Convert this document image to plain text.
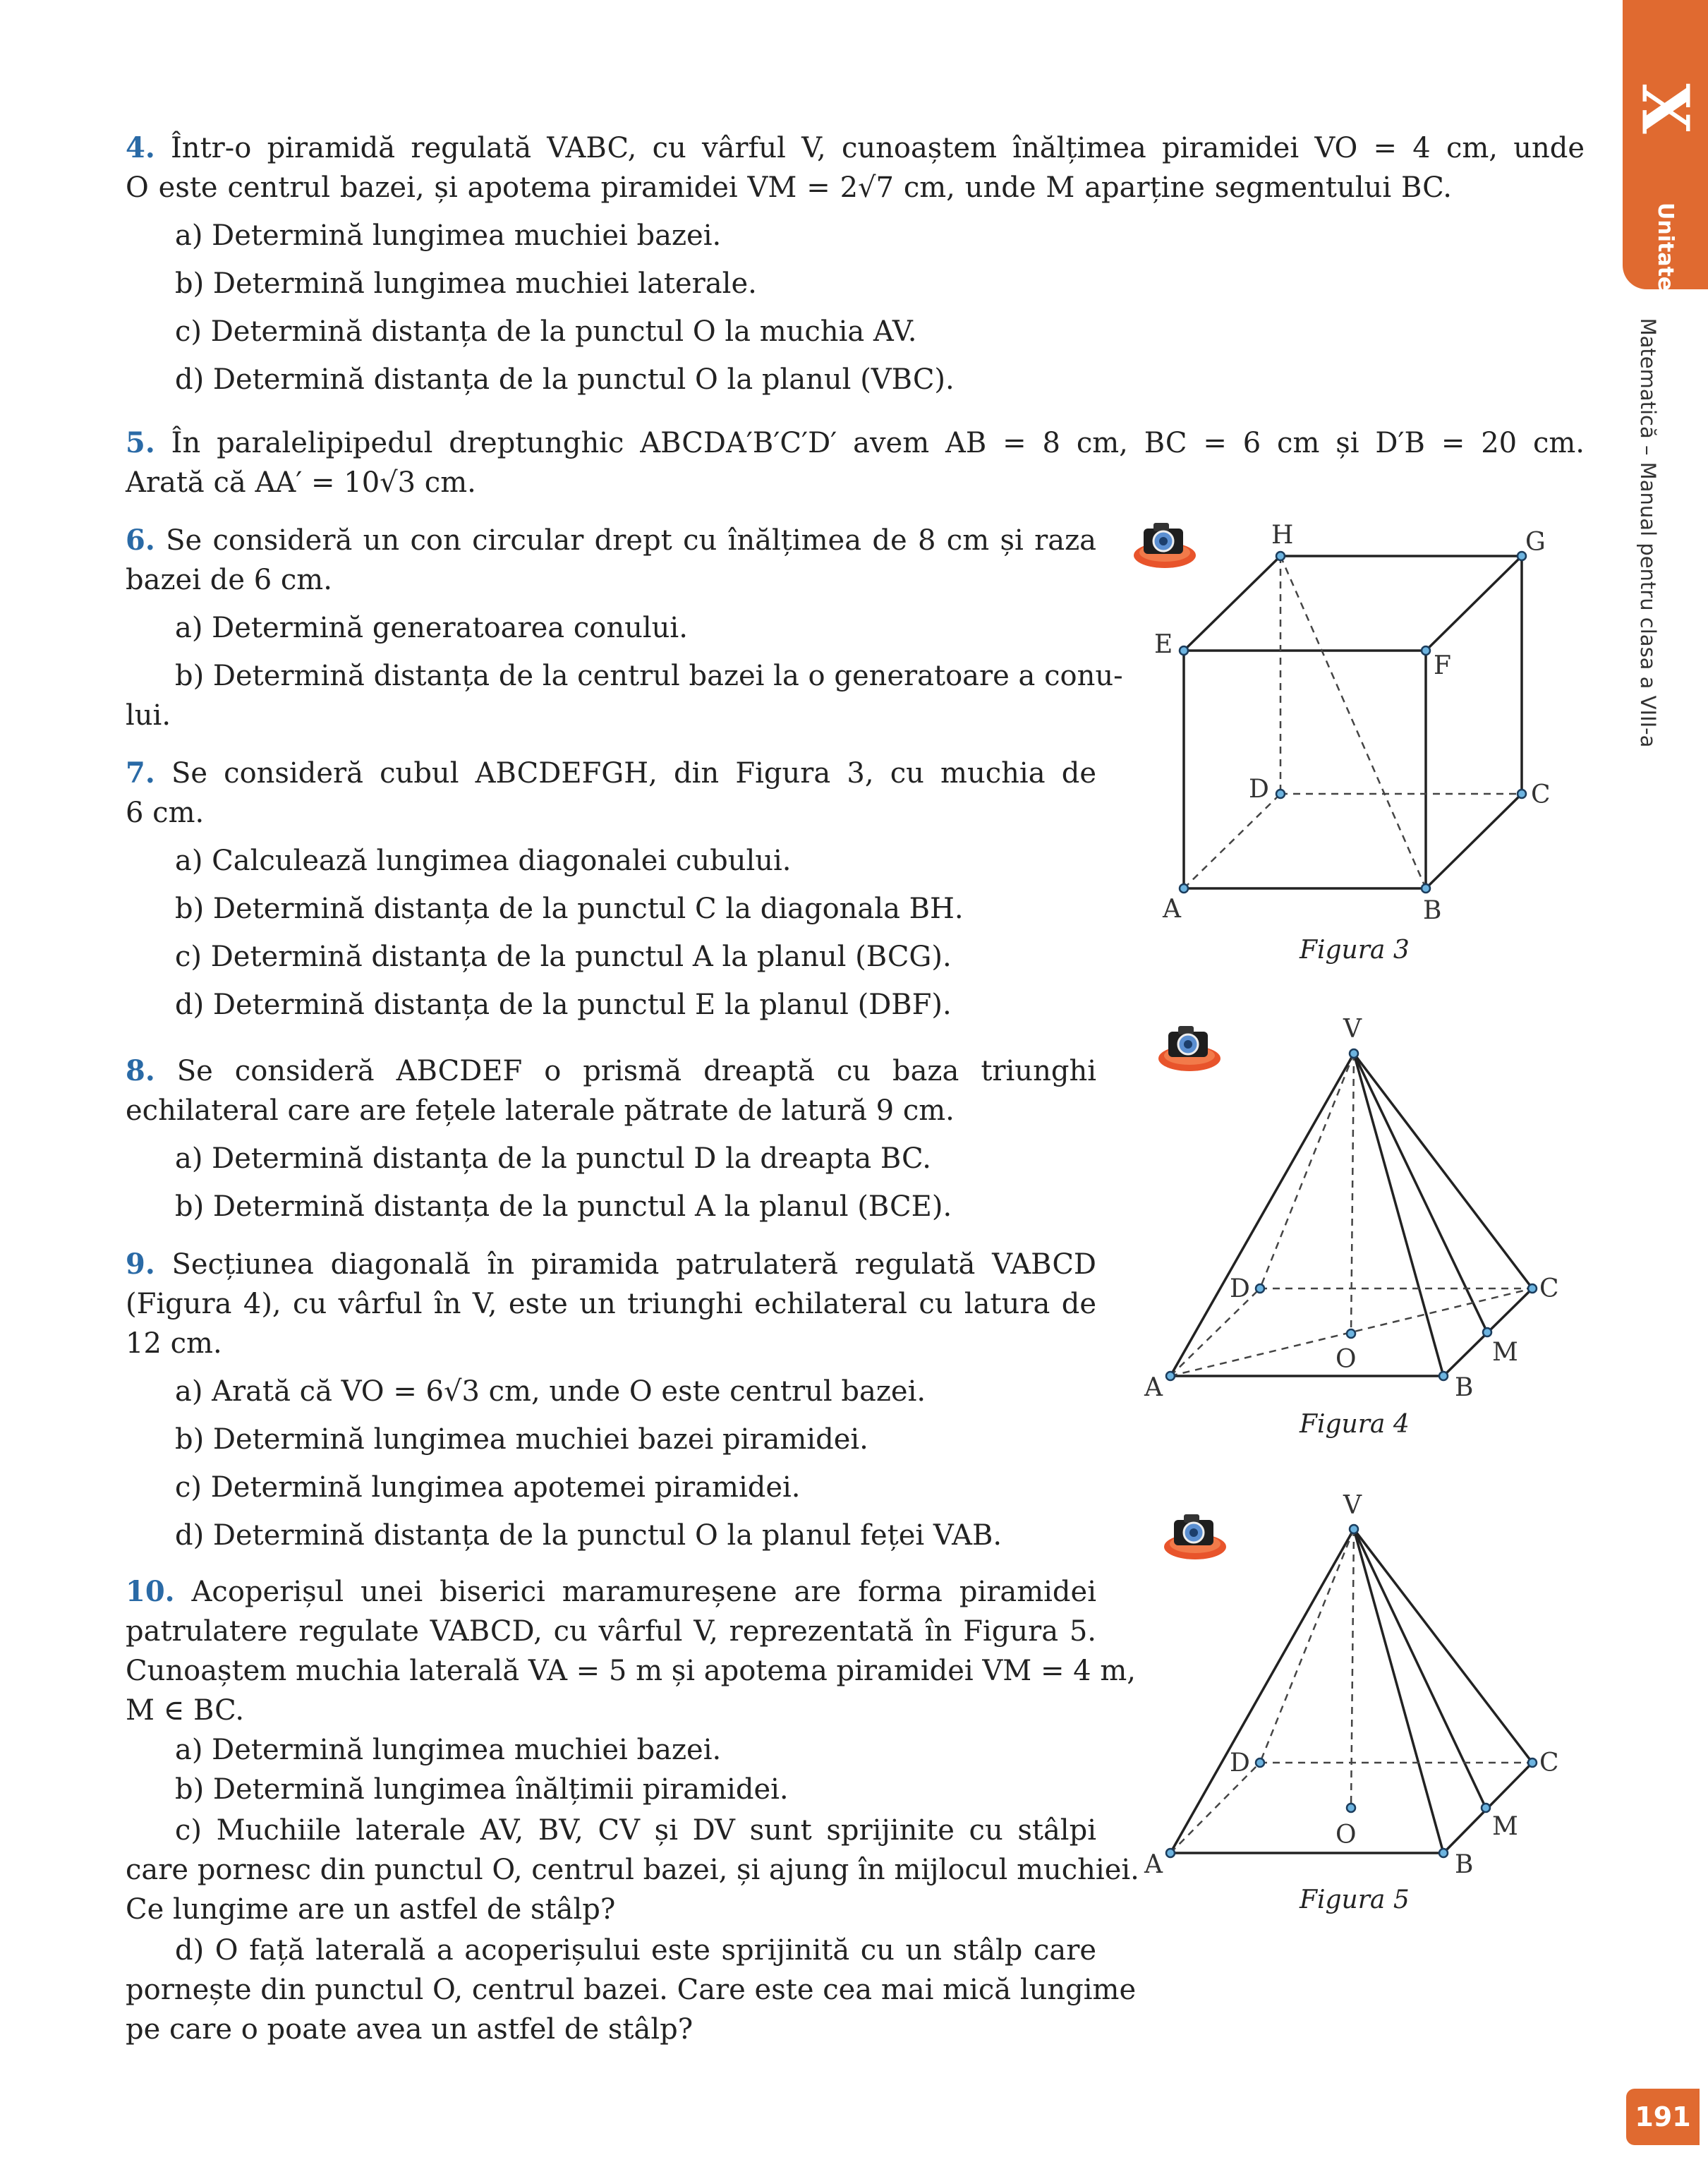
X
Unitatea
Matematică – Manual pentru clasa a VIII-a
191
4. Într-o piramidă regulată VABC, cu vârful V, cunoaștem înălțimea piramidei VO = 4 cm, unde
O este centrul bazei, și apotema piramidei VM = 2√7 cm, unde M aparține segmentului BC.
a) Determină lungimea muchiei bazei.
b) Determină lungimea muchiei laterale.
c) Determină distanța de la punctul O la muchia AV.
d) Determină distanța de la punctul O la planul (VBC).
5. În paralelipipedul dreptunghic ABCDA′B′C′D′ avem AB = 8 cm, BC = 6 cm și D′B = 20 cm.
Arată că AA′ = 10√3 cm.
6. Se consideră un con circular drept cu înălțimea de 8 cm și raza
bazei de 6 cm.
a) Determină generatoarea conului.
b) Determină distanța de la centrul bazei la o generatoare a conu-
lui.
7. Se consideră cubul ABCDEFGH, din Figura 3, cu muchia de
6 cm.
a) Calculează lungimea diagonalei cubului.
b) Determină distanța de la punctul C la diagonala BH.
c) Determină distanța de la punctul A la planul (BCG).
d) Determină distanța de la punctul E la planul (DBF).
8. Se consideră ABCDEF o prismă dreaptă cu baza triunghi
echilateral care are fețele laterale pătrate de latură 9 cm.
a) Determină distanța de la punctul D la dreapta BC.
b) Determină distanța de la punctul A la planul (BCE).
9. Secțiunea diagonală în piramida patrulateră regulată VABCD
(Figura 4), cu vârful în V, este un triunghi echilateral cu latura de
12 cm.
a) Arată că VO = 6√3 cm, unde O este centrul bazei.
b) Determină lungimea muchiei bazei piramidei.
c) Determină lungimea apotemei piramidei.
d) Determină distanța de la punctul O la planul feței VAB.
10. Acoperișul unei biserici maramureșene are forma piramidei
patrulatere regulate VABCD, cu vârful V, reprezentată în Figura 5.
Cunoaștem muchia laterală VA = 5 m și apotema piramidei VM = 4 m,
M ∈ BC.
a) Determină lungimea muchiei bazei.
b) Determină lungimea înălțimii piramidei.
c) Muchiile laterale AV, BV, CV și DV sunt sprijinite cu stâlpi
care pornesc din punctul O, centrul bazei, și ajung în mijlocul muchiei.
Ce lungime are un astfel de stâlp?
d) O față laterală a acoperișului este sprijinită cu un stâlp care
pornește din punctul O, centrul bazei. Care este cea mai mică lungime
pe care o poate avea un astfel de stâlp?
A	B
C
D
E
F
G
H
V
A	B
C
D
O	M
V
A	B
C
D
O	M
Figura 3
Figura 4
Figura 5
